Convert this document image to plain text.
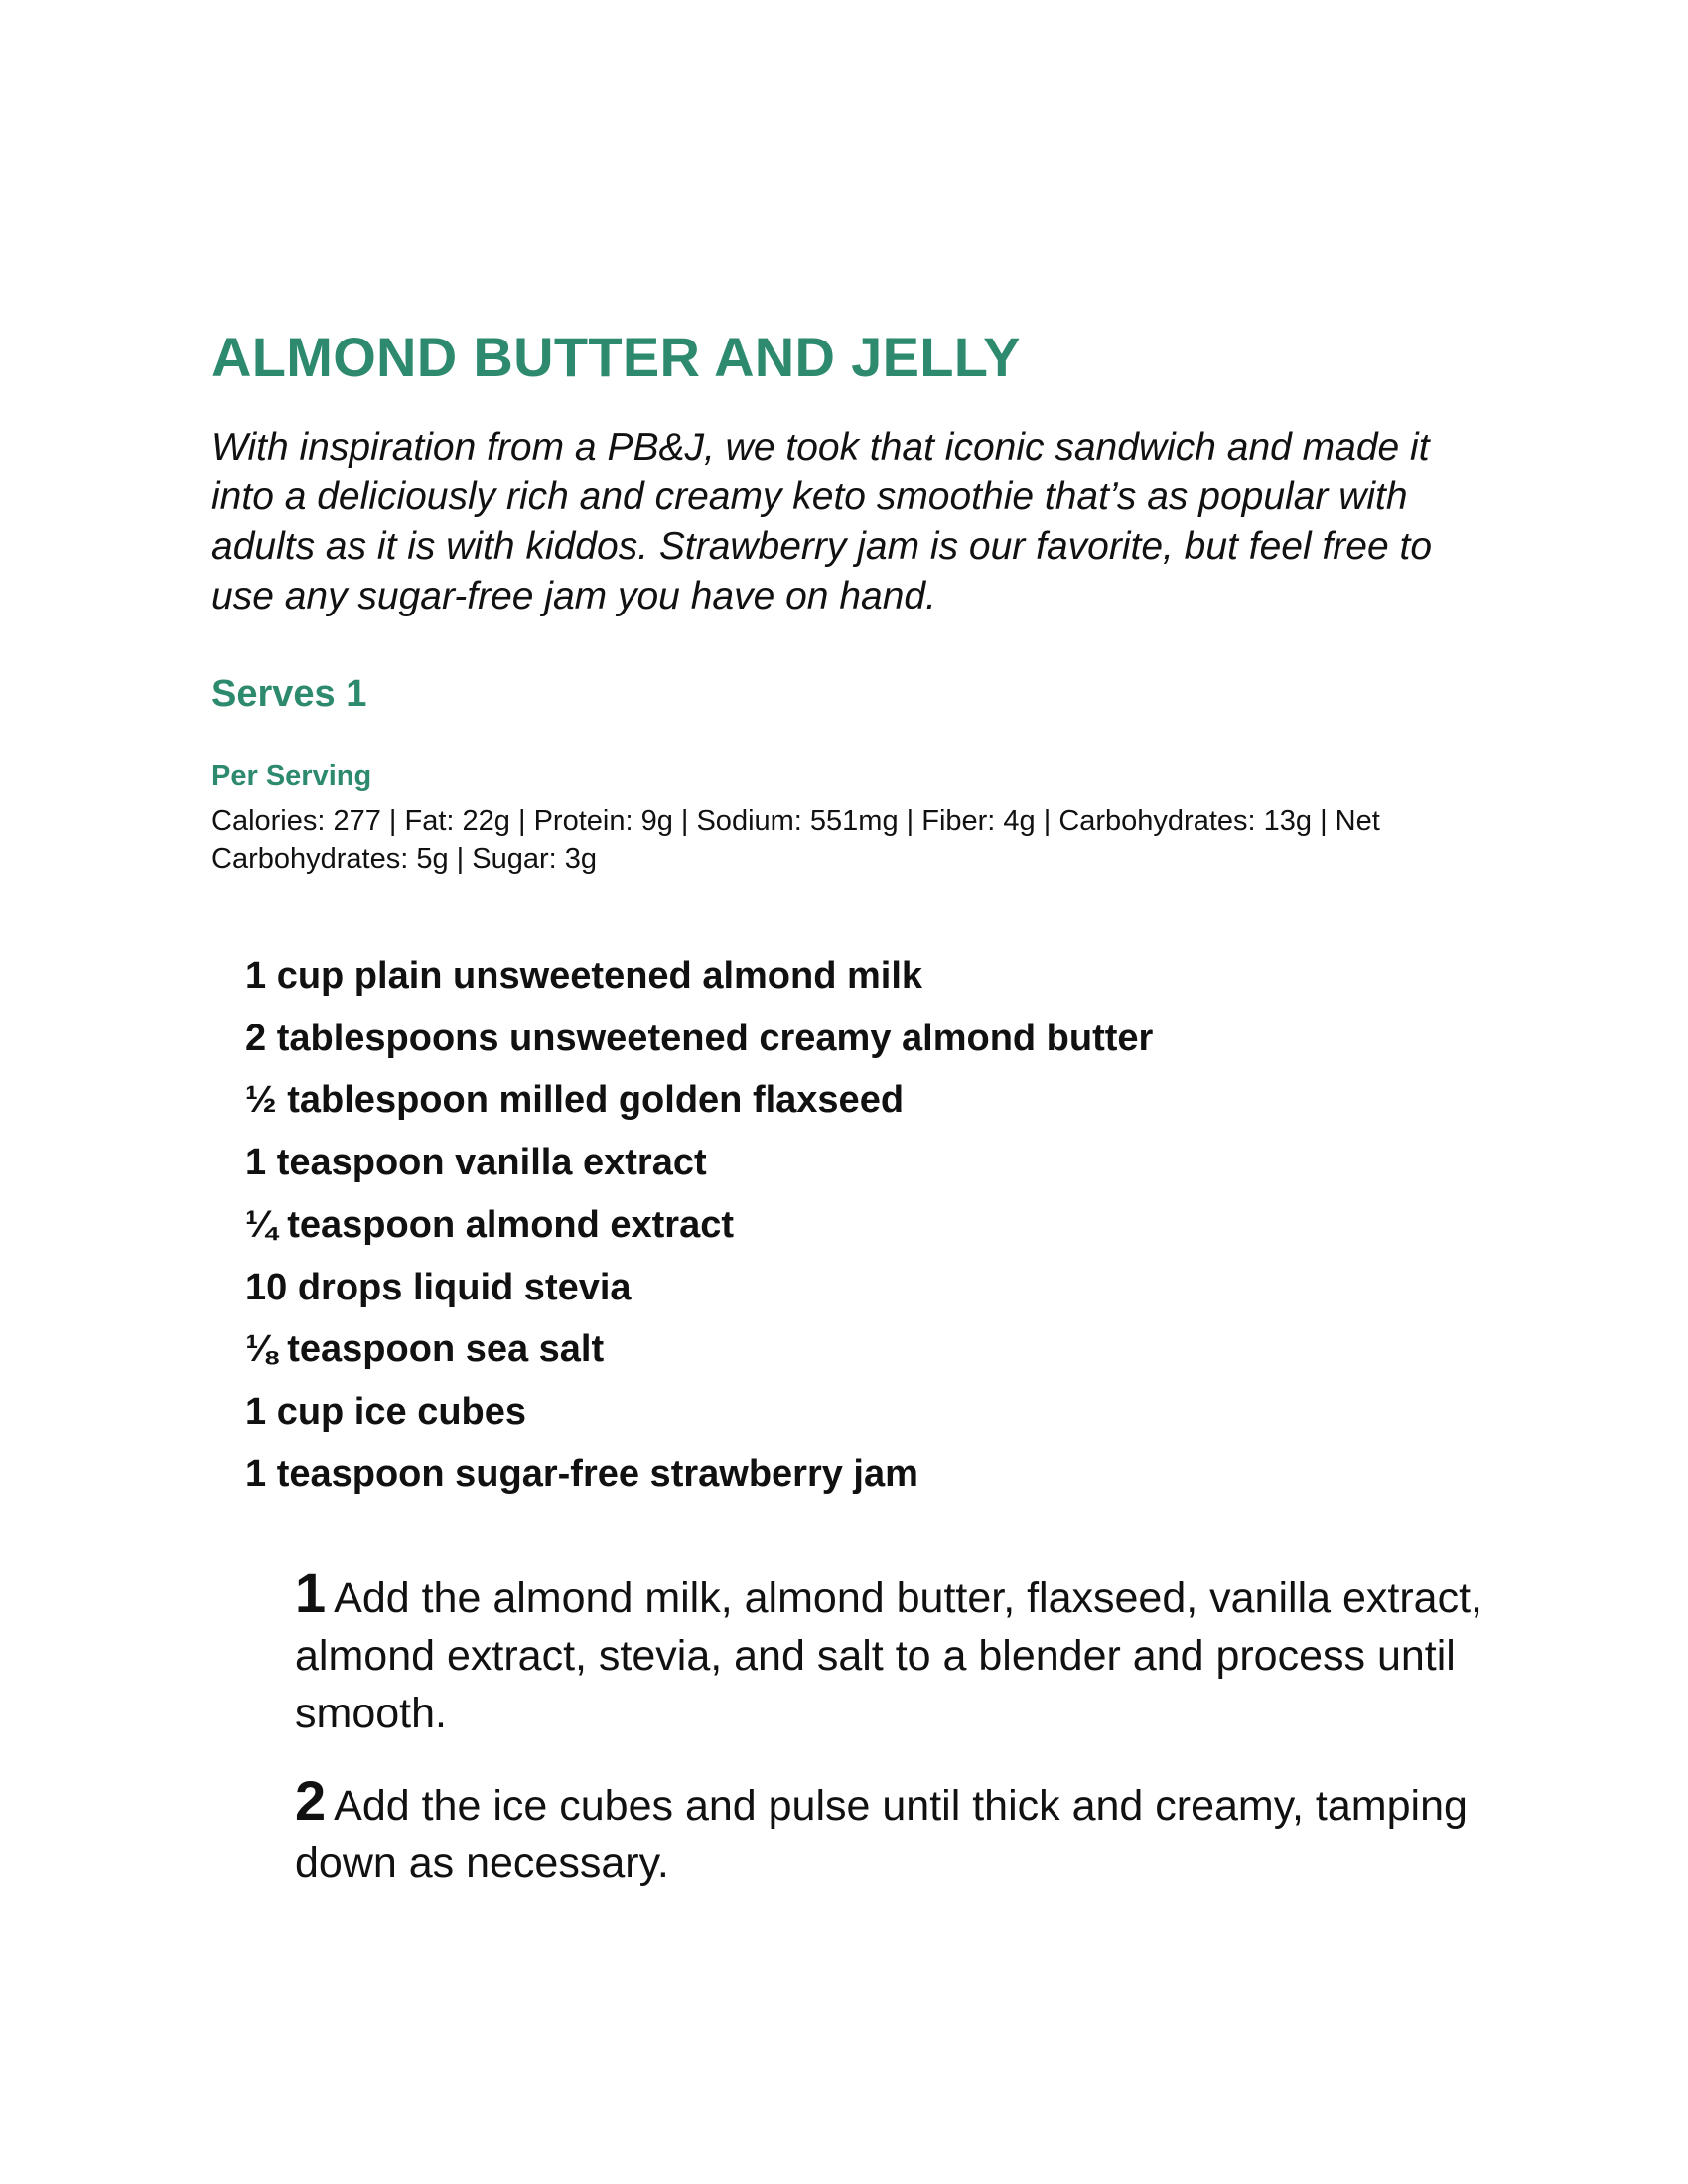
ALMOND BUTTER AND JELLY

With inspiration from a PB&J, we took that iconic sandwich and made it into a deliciously rich and creamy keto smoothie that’s as popular with adults as it is with kiddos. Strawberry jam is our favorite, but feel free to use any sugar-free jam you have on hand.

Serves 1
Per Serving

Calories: 277 | Fat: 22g | Protein: 9g | Sodium: 551mg | Fiber: 4g | Carbohydrates: 13g | Net Carbohydrates: 5g | Sugar: 3g

1 cup plain unsweetened almond milk
2 tablespoons unsweetened creamy almond butter
½ tablespoon milled golden flaxseed
1 teaspoon vanilla extract
¼ teaspoon almond extract
10 drops liquid stevia
⅛ teaspoon sea salt
1 cup ice cubes
1 teaspoon sugar-free strawberry jam
1 Add the almond milk, almond butter, flaxseed, vanilla extract, almond extract, stevia, and salt to a blender and process until smooth.
2 Add the ice cubes and pulse until thick and creamy, tamping down as necessary.
